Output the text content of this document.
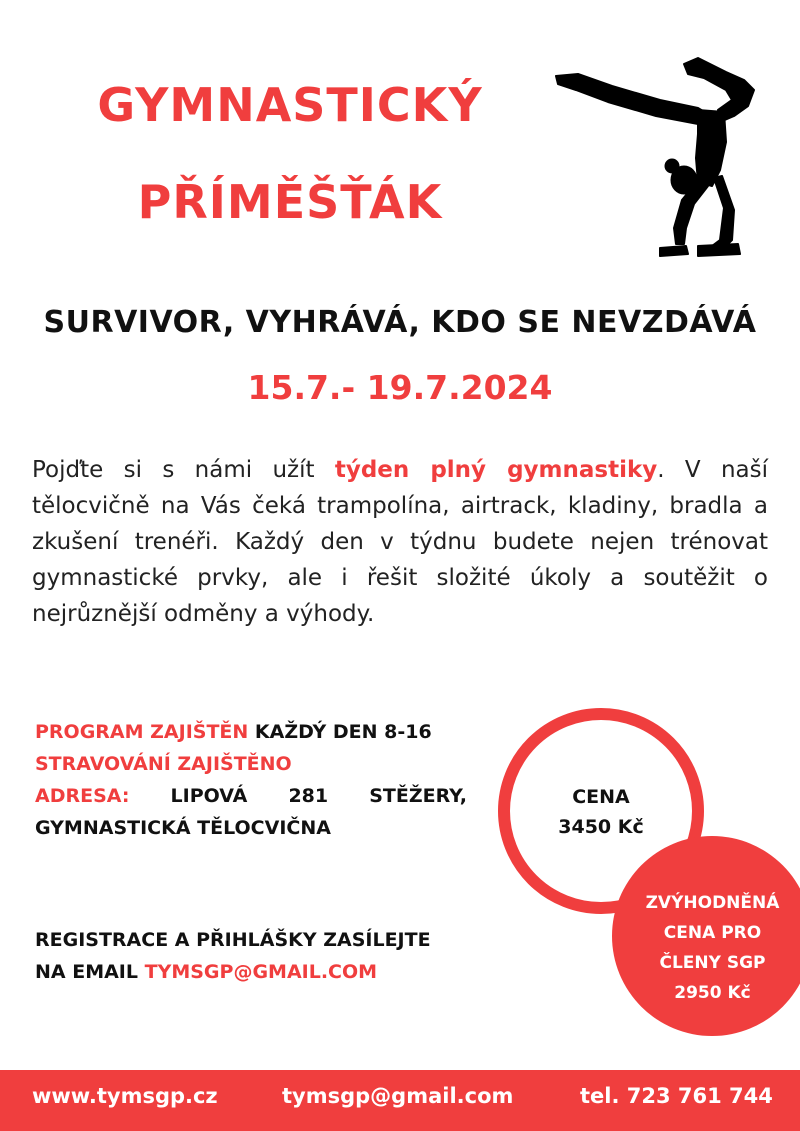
GYMNASTICKÝ
PŘÍMĚŠŤÁK
SURVIVOR, VYHRÁVÁ, KDO SE NEVZDÁVÁ
15.7.- 19.7.2024
Pojďte si s námi užít týden plný gymnastiky. V naší tělocvičně na Vás čeká trampolína, airtrack, kladiny, bradla a zkušení trenéři. Každý den v týdnu budete nejen trénovat gymnastické prvky, ale i řešit složité úkoly a soutěžit o nejrůznější odměny a výhody.
PROGRAM ZAJIŠTĚN KAŽDÝ DEN 8-16
STRAVOVÁNÍ ZAJIŠTĚNO
ADRESA: LIPOVÁ 281 STĚŽERY,
GYMNASTICKÁ TĚLOCVIČNA
REGISTRACE A PŘIHLÁŠKY ZASÍLEJTE
NA EMAIL TYMSGP@GMAIL.COM
CENA
3450 Kč
ZVÝHODNĚNÁ
CENA PRO
ČLENY SGP
2950 Kč
www.tymsgp.cz	tymsgp@gmail.com	tel. 723 761 744
